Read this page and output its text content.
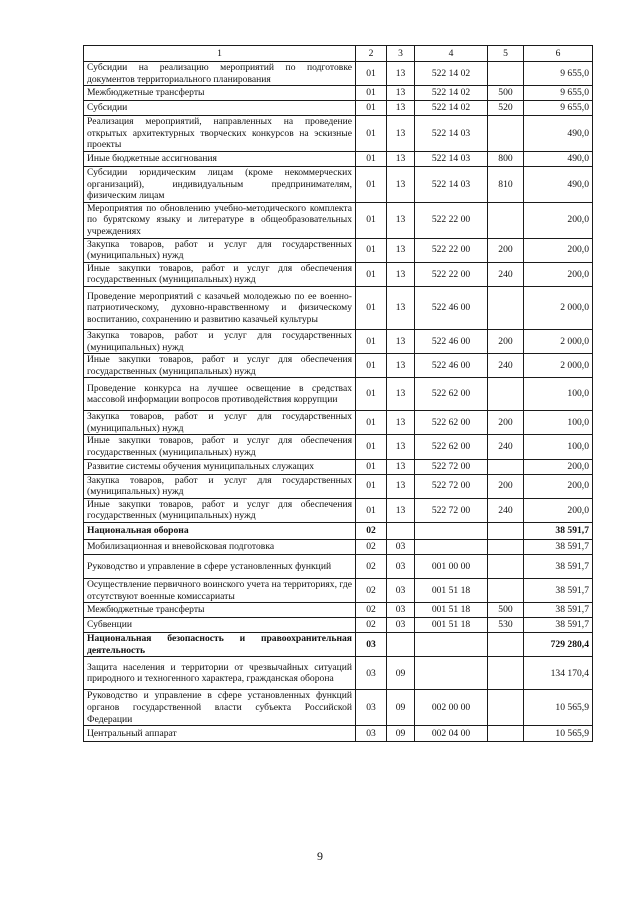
1	2	3	4	5	6
Субсидии на реализацию мероприятий по подготовке документов территориального планирования	01	13	522 14 02		9 655,0
Межбюджетные трансферты	01	13	522 14 02	500	9 655,0
Субсидии	01	13	522 14 02	520	9 655,0
Реализация мероприятий, направленных на проведение открытых архитектурных творческих конкурсов на эскизные проекты	01	13	522 14 03		490,0
Иные бюджетные ассигнования	01	13	522 14 03	800	490,0
Субсидии юридическим лицам (кроме некоммерческих организаций), индивидуальным предпринимателям, физическим лицам	01	13	522 14 03	810	490,0
Мероприятия по обновлению учебно-методического комплекта по бурятскому языку и литературе в общеобразовательных учреждениях	01	13	522 22 00		200,0
Закупка товаров, работ и услуг для государственных (муниципальных) нужд	01	13	522 22 00	200	200,0
Иные закупки товаров, работ и услуг для обеспечения государственных (муниципальных) нужд	01	13	522 22 00	240	200,0
Проведение мероприятий с казачьей молодежью по ее военно-патриотическому, духовно-нравственному и физическому воспитанию, сохранению и развитию казачьей культуры	01	13	522 46 00		2 000,0
Закупка товаров, работ и услуг для государственных (муниципальных) нужд	01	13	522 46 00	200	2 000,0
Иные закупки товаров, работ и услуг для обеспечения государственных (муниципальных) нужд	01	13	522 46 00	240	2 000,0
Проведение конкурса на лучшее освещение в средствах массовой информации вопросов противодействия коррупции	01	13	522 62 00		100,0
Закупка товаров, работ и услуг для государственных (муниципальных) нужд	01	13	522 62 00	200	100,0
Иные закупки товаров, работ и услуг для обеспечения государственных (муниципальных) нужд	01	13	522 62 00	240	100,0
Развитие системы обучения муниципальных служащих	01	13	522 72 00		200,0
Закупка товаров, работ и услуг для государственных (муниципальных) нужд	01	13	522 72 00	200	200,0
Иные закупки товаров, работ и услуг для обеспечения государственных (муниципальных) нужд	01	13	522 72 00	240	200,0
Национальная оборона	02				38 591,7
Мобилизационная и вневойсковая подготовка	02	03			38 591,7
Руководство и управление в сфере установленных функций	02	03	001 00 00		38 591,7
Осуществление первичного воинского учета на территориях, где отсутствуют военные комиссариаты	02	03	001 51 18		38 591,7
Межбюджетные трансферты	02	03	001 51 18	500	38 591,7
Субвенции	02	03	001 51 18	530	38 591,7
Национальная безопасность и правоохранительная деятельность	03				729 280,4
Защита населения и территории от чрезвычайных ситуаций природного и техногенного характера, гражданская оборона	03	09			134 170,4
Руководство и управление в сфере установленных функций органов государственной власти субъекта Российской Федерации	03	09	002 00 00		10 565,9
Центральный аппарат	03	09	002 04 00		10 565,9
9
